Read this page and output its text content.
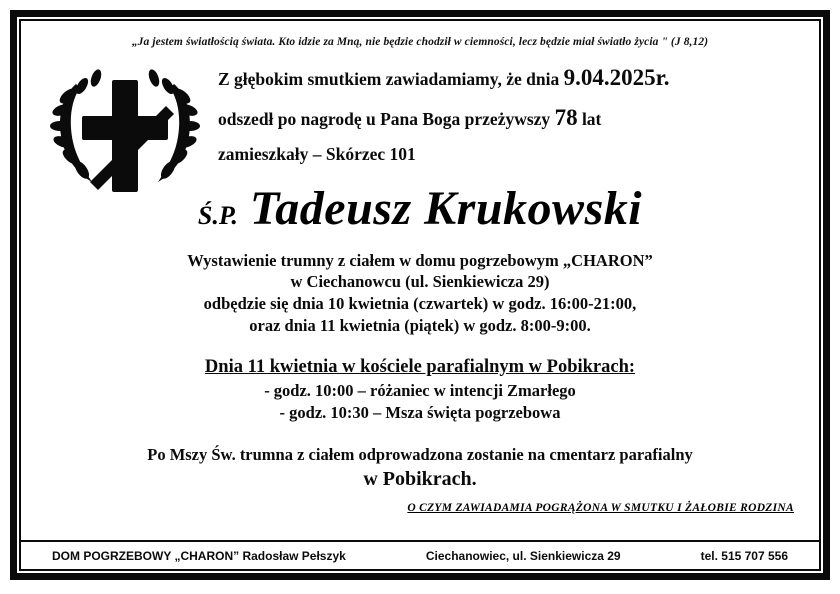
„Ja jestem światłością świata. Kto idzie za Mną, nie będzie chodził w ciemności, lecz będzie miał światło życia " (J 8,12)
Z głębokim smutkiem zawiadamiamy, że dnia 9.04.2025r.
odszedł po nagrodę u Pana Boga przeżywszy 78 lat
zamieszkały – Skórzec 101
Ś.P. Tadeusz Krukowski
Wystawienie trumny z ciałem w domu pogrzebowym „CHARON”
w Ciechanowcu (ul. Sienkiewicza 29)
odbędzie się dnia 10 kwietnia (czwartek) w godz. 16:00-21:00,
oraz dnia 11 kwietnia (piątek) w godz. 8:00-9:00.
Dnia 11 kwietnia w kościele parafialnym w Pobikrach:
- godz. 10:00 – różaniec w intencji Zmarłego
- godz. 10:30 – Msza święta pogrzebowa
Po Mszy Św. trumna z ciałem odprowadzona zostanie na cmentarz parafialny
w Pobikrach.
O CZYM ZAWIADAMIA POGRĄŻONA W SMUTKU I ŻAŁOBIE RODZINA
DOM POGRZEBOWY „CHARON” Radosław Pełszyk	Ciechanowiec, ul. Sienkiewicza 29	tel. 515 707 556
